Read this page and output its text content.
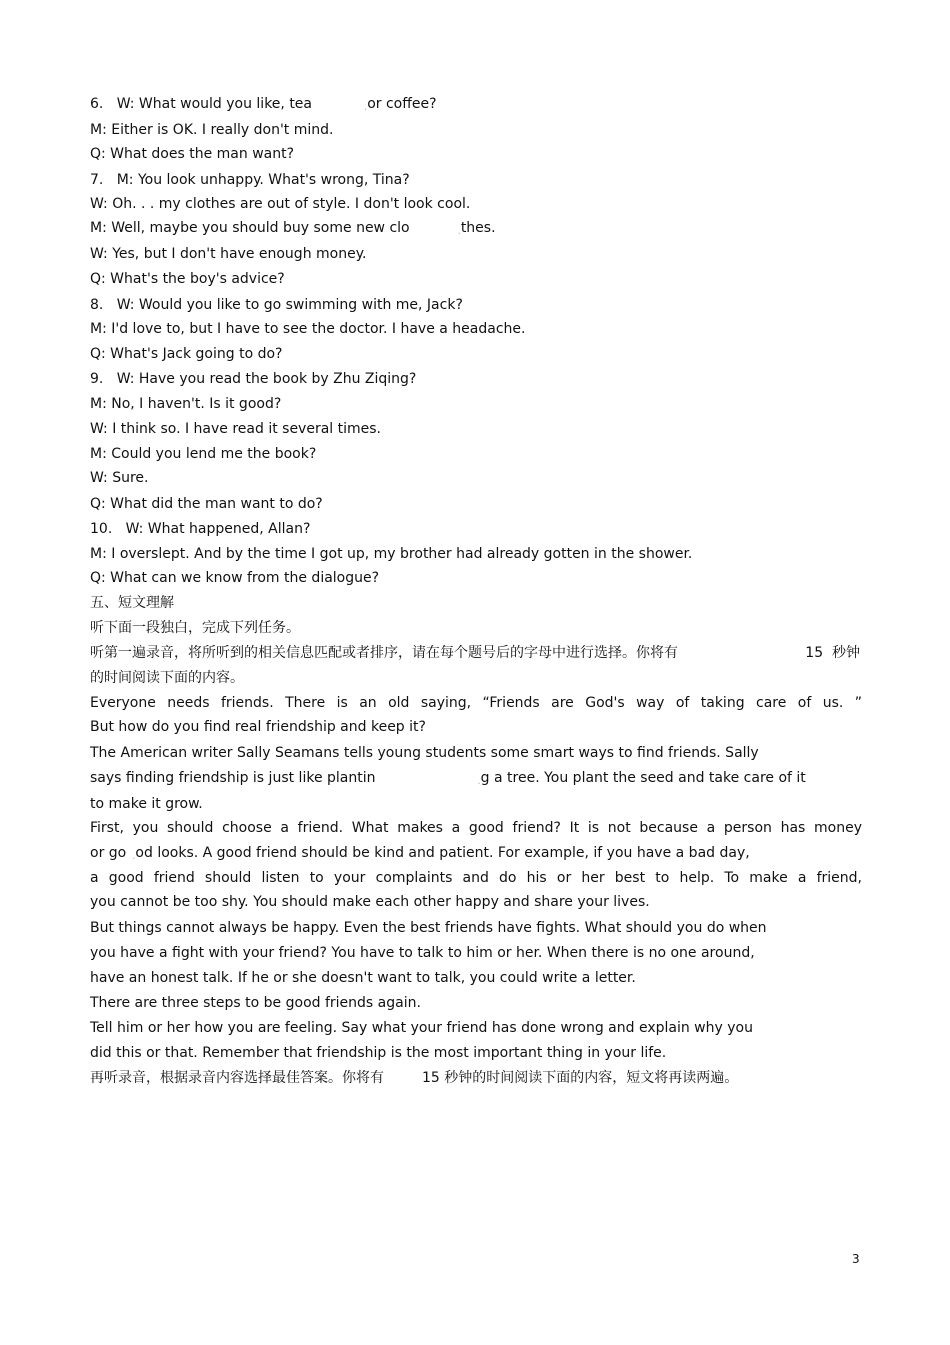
6.   W: What would you like, tea	.or coffee?
M: Either is OK. I really don't mind.
Q: What does the man want?
7.   M: You look unhappy. What's wrong, Tina?
W: Oh. . . my clothes are out of style. I don't look cool.
M: Well, maybe you should buy some new clo	.thes.
W: Yes, but I don't have enough money.
Q: What's the boy's advice?
8.   W: Would you like to go swimming with me, Jack?
M: I'd love to, but I have to see the doctor. I have a headache.
Q: What's Jack going to do?
9.   W: Have you read the book by Zhu Ziqing?
M: No, I haven't. Is it good?
W: I think so. I have read it several times.
M: Could you lend me the book?
W: Sure.
Q: What did the man want to do?
10.   W: What happened, Allan?
M: I overslept. And by the time I got up, my brother had already gotten in the shower.
Q: What can we know from the dialogue?
五、短文理解
听下面一段独白，完成下列任务。
听第一遍录音，将所听到的相关信息匹配或者排序，请在每个题号后的字母中进行选择。你将有	15  秒钟
的时间阅读下面的内容。
Everyone needs friends. There is an old saying, “Friends are God's way of taking care of us. ”
But how do you find real friendship and keep it?
The American writer Sally Seamans tells young students some smart ways to find friends. Sally
says finding friendship is just like plantin	.g a tree. You plant the seed and take care of it
to make it grow.
First, you should choose a friend. What makes a good friend? It is not because a person has money
or go .od looks. A good friend should be kind and patient. For example, if you have a bad day,
a good friend should listen to your complaints and do his or her best to help. To make a friend,
you cannot be too shy. You should make each other happy and share your lives.
But things cannot always be happy. Even the best friends have fights. What should you do when
you have a fight with your friend? You have to talk to him or her. When there is no one around,
have an honest talk. If he or she doesn't want to talk, you could write a letter.
There are three steps to be good friends again.
Tell him or her how you are feeling. Say what your friend has done wrong and explain why you
did this or that. Remember that friendship is the most important thing in your life.
再听录音，根据录音内容选择最佳答案。你将有	15 秒钟的时间阅读下面的内容，短文将再读两遍。
3
